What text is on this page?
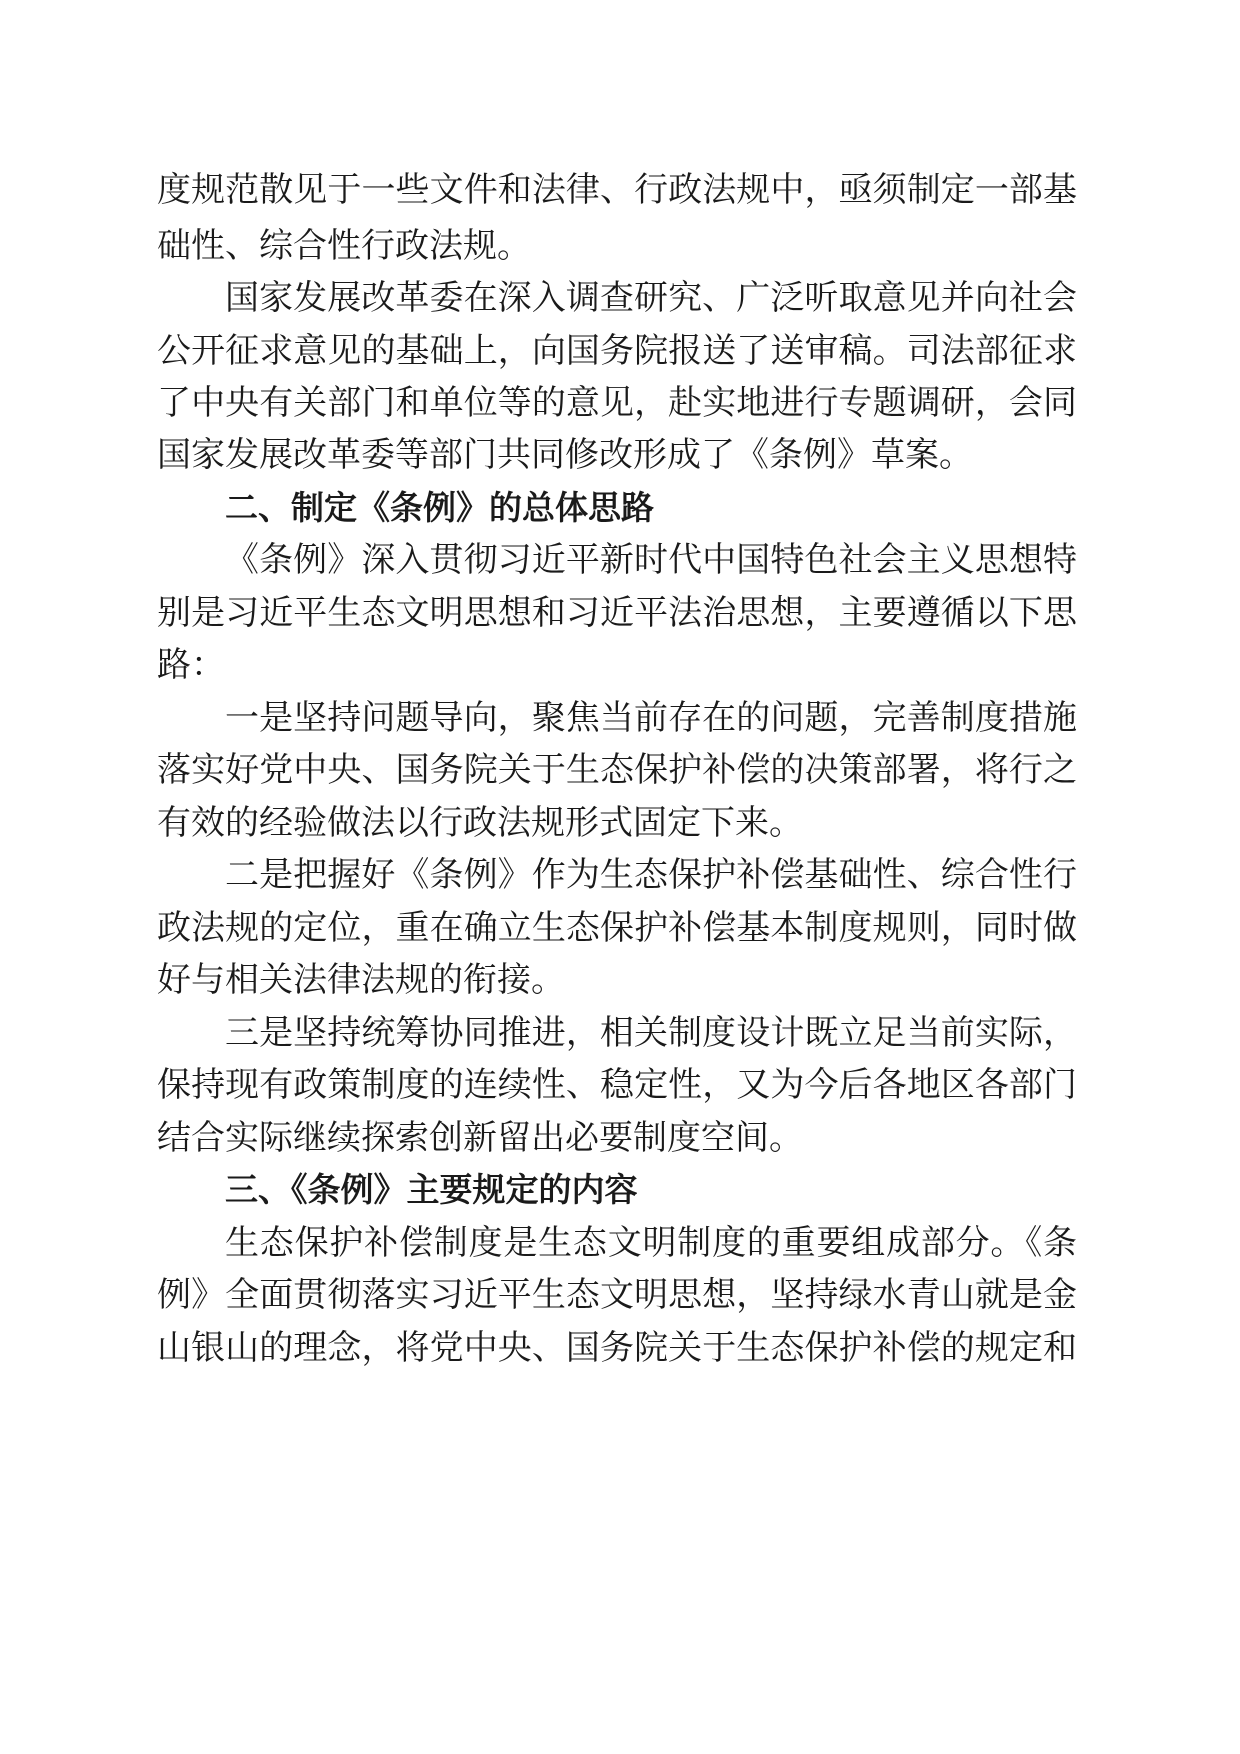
度规范散见于一些文件和法律、行政法规中，亟须制定一部基
础性、综合性行政法规。
国家发展改革委在深入调查研究、广泛听取意见并向社会
公开征求意见的基础上，向国务院报送了送审稿。司法部征求
了中央有关部门和单位等的意见，赴实地进行专题调研，会同
国家发展改革委等部门共同修改形成了《条例》草案。
二、制定《条例》的总体思路
《条例》深入贯彻习近平新时代中国特色社会主义思想特
别是习近平生态文明思想和习近平法治思想，主要遵循以下思
路：
一是坚持问题导向，聚焦当前存在的问题，完善制度措施
落实好党中央、国务院关于生态保护补偿的决策部署，将行之
有效的经验做法以行政法规形式固定下来。
二是把握好《条例》作为生态保护补偿基础性、综合性行
政法规的定位，重在确立生态保护补偿基本制度规则，同时做
好与相关法律法规的衔接。
三是坚持统筹协同推进，相关制度设计既立足当前实际，
保持现有政策制度的连续性、稳定性，又为今后各地区各部门
结合实际继续探索创新留出必要制度空间。
三、《条例》主要规定的内容
生态保护补偿制度是生态文明制度的重要组成部分。《条
例》全面贯彻落实习近平生态文明思想，坚持绿水青山就是金
山银山的理念，将党中央、国务院关于生态保护补偿的规定和
